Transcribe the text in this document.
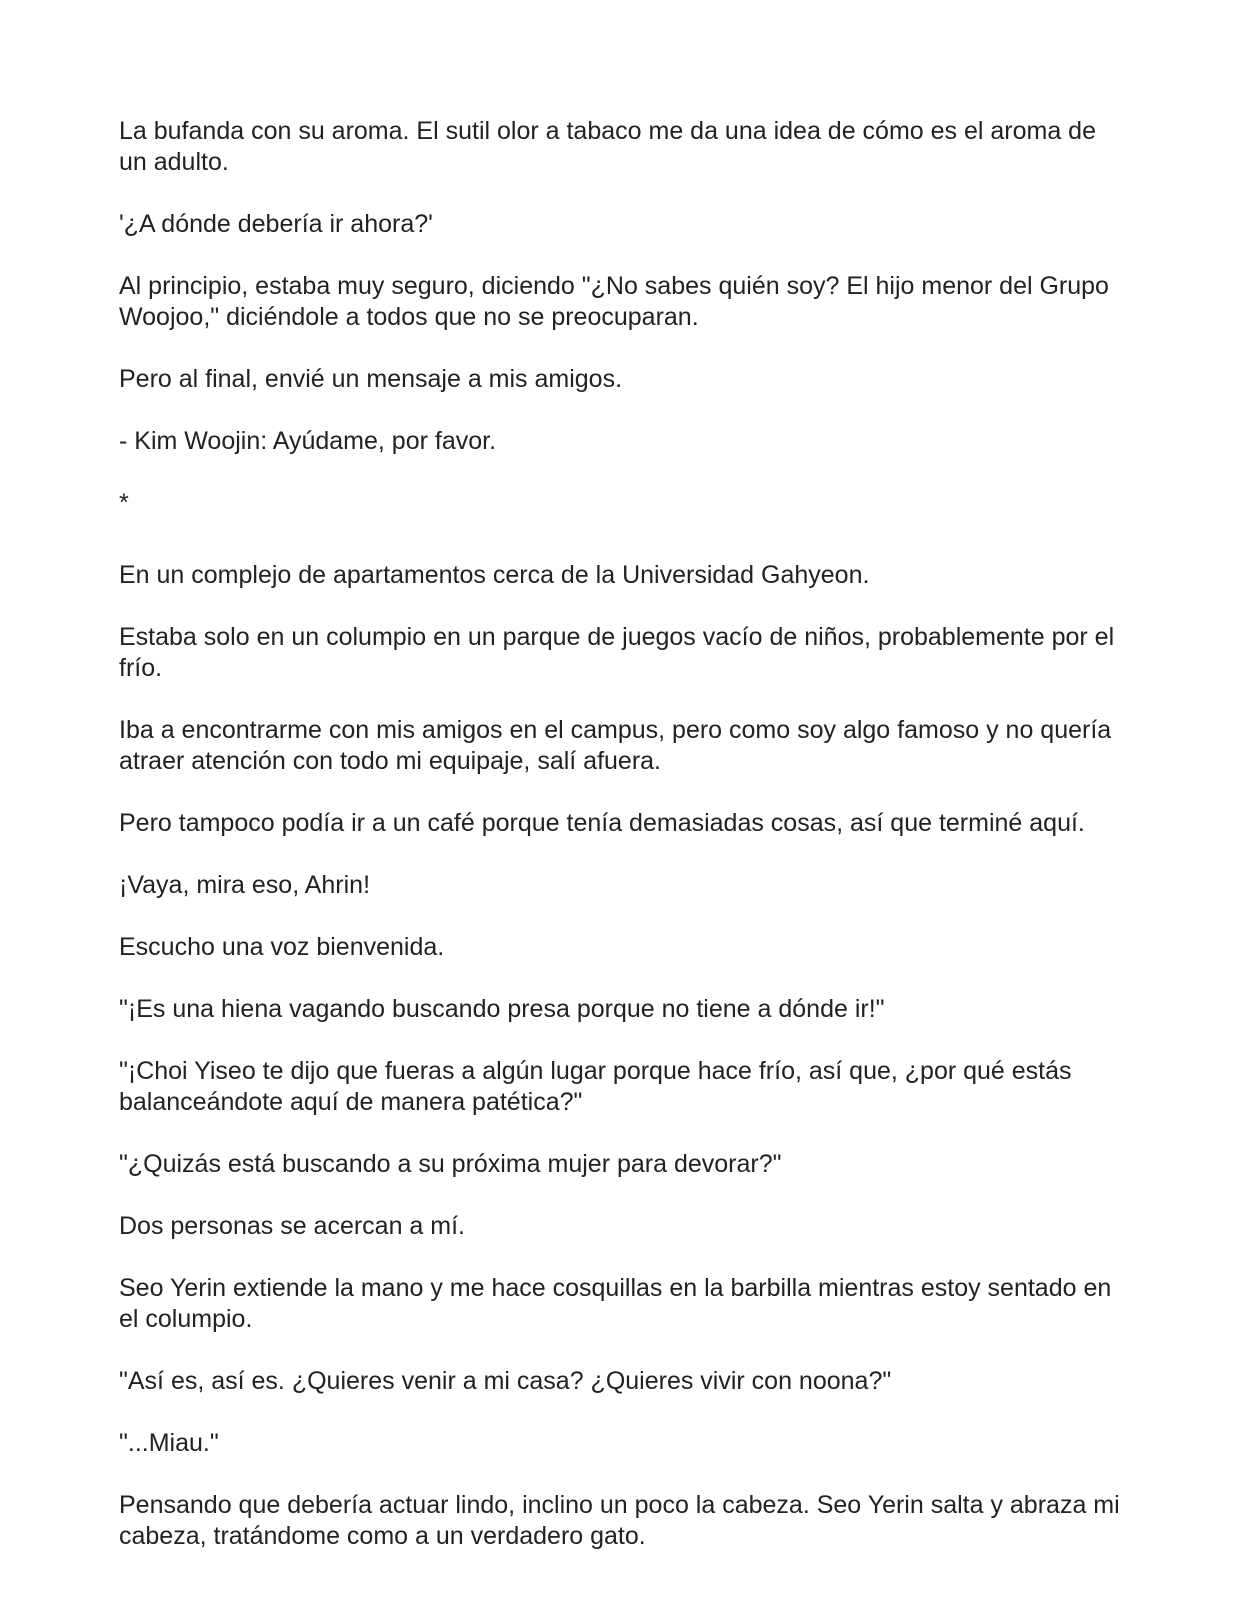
La bufanda con su aroma. El sutil olor a tabaco me da una idea de cómo es el aroma de un adulto.

'¿A dónde debería ir ahora?'

Al principio, estaba muy seguro, diciendo "¿No sabes quién soy? El hijo menor del Grupo Woojoo," diciéndole a todos que no se preocuparan.

Pero al final, envié un mensaje a mis amigos.

- Kim Woojin: Ayúdame, por favor.

*

En un complejo de apartamentos cerca de la Universidad Gahyeon.

Estaba solo en un columpio en un parque de juegos vacío de niños, probablemente por el frío.

Iba a encontrarme con mis amigos en el campus, pero como soy algo famoso y no quería atraer atención con todo mi equipaje, salí afuera.

Pero tampoco podía ir a un café porque tenía demasiadas cosas, así que terminé aquí.

¡Vaya, mira eso, Ahrin!

Escucho una voz bienvenida.

"¡Es una hiena vagando buscando presa porque no tiene a dónde ir!"

"¡Choi Yiseo te dijo que fueras a algún lugar porque hace frío, así que, ¿por qué estás balanceándote aquí de manera patética?"

"¿Quizás está buscando a su próxima mujer para devorar?"

Dos personas se acercan a mí.

Seo Yerin extiende la mano y me hace cosquillas en la barbilla mientras estoy sentado en el columpio.

"Así es, así es. ¿Quieres venir a mi casa? ¿Quieres vivir con noona?"

"...Miau."

Pensando que debería actuar lindo, inclino un poco la cabeza. Seo Yerin salta y abraza mi cabeza, tratándome como a un verdadero gato.
